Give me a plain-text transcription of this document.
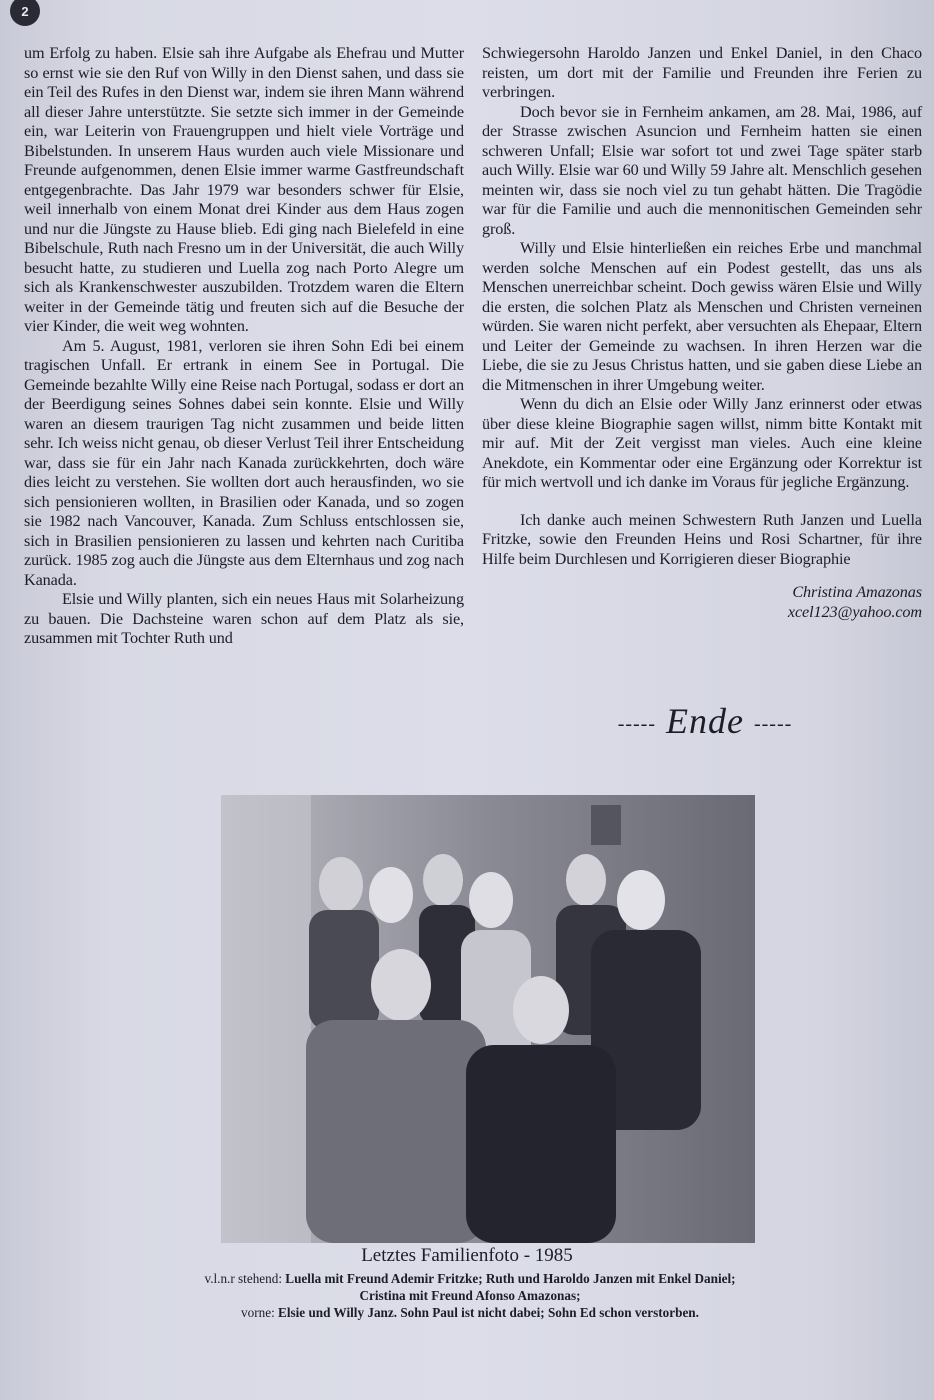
2

um Erfolg zu haben. Elsie sah ihre Aufgabe als Ehefrau und Mutter so ernst wie sie den Ruf von Willy in den Dienst sahen, und dass sie ein Teil des Rufes in den Dienst war, indem sie ihren Mann während all dieser Jahre unterstützte. Sie setzte sich immer in der Gemeinde ein, war Leiterin von Frauengruppen und hielt viele Vorträge und Bibelstunden. In unserem Haus wurden auch viele Missionare und Freunde aufgenommen, denen Elsie immer warme Gastfreundschaft entgegenbrachte. Das Jahr 1979 war besonders schwer für Elsie, weil innerhalb von einem Monat drei Kinder aus dem Haus zogen und nur die Jüngste zu Hause blieb. Edi ging nach Bielefeld in eine Bibelschule, Ruth nach Fresno um in der Universität, die auch Willy besucht hatte, zu studieren und Luella zog nach Porto Alegre um sich als Krankenschwester auszubilden. Trotzdem waren die Eltern weiter in der Gemeinde tätig und freuten sich auf die Besuche der vier Kinder, die weit weg wohnten.

Am 5. August, 1981, verloren sie ihren Sohn Edi bei einem tragischen Unfall. Er ertrank in einem See in Portugal. Die Gemeinde bezahlte Willy eine Reise nach Portugal, sodass er dort an der Beerdigung seines Sohnes dabei sein konnte. Elsie und Willy waren an diesem traurigen Tag nicht zusammen und beide litten sehr. Ich weiss nicht genau, ob dieser Verlust Teil ihrer Entscheidung war, dass sie für ein Jahr nach Kanada zurückkehrten, doch wäre dies leicht zu verstehen. Sie wollten dort auch herausfinden, wo sie sich pensionieren wollten, in Brasilien oder Kanada, und so zogen sie 1982 nach Vancouver, Kanada. Zum Schluss entschlossen sie, sich in Brasilien pensionieren zu lassen und kehrten nach Curitiba zurück. 1985 zog auch die Jüngste aus dem Elternhaus und zog nach Kanada.

Elsie und Willy planten, sich ein neues Haus mit Solarheizung zu bauen. Die Dachsteine waren schon auf dem Platz als sie, zusammen mit Tochter Ruth und

Schwiegersohn Haroldo Janzen und Enkel Daniel, in den Chaco reisten, um dort mit der Familie und Freunden ihre Ferien zu verbringen.

Doch bevor sie in Fernheim ankamen, am 28. Mai, 1986, auf der Strasse zwischen Asuncion und Fernheim hatten sie einen schweren Unfall; Elsie war sofort tot und zwei Tage später starb auch Willy. Elsie war 60 und Willy 59 Jahre alt. Menschlich gesehen meinten wir, dass sie noch viel zu tun gehabt hätten. Die Tragödie war für die Familie und auch die mennonitischen Gemeinden sehr groß.

Willy und Elsie hinterließen ein reiches Erbe und manchmal werden solche Menschen auf ein Podest gestellt, das uns als Menschen unerreichbar scheint. Doch gewiss wären Elsie und Willy die ersten, die solchen Platz als Menschen und Christen verneinen würden. Sie waren nicht perfekt, aber versuchten als Ehepaar, Eltern und Leiter der Gemeinde zu wachsen. In ihren Herzen war die Liebe, die sie zu Jesus Christus hatten, und sie gaben diese Liebe an die Mitmenschen in ihrer Umgebung weiter.

Wenn du dich an Elsie oder Willy Janz erinnerst oder etwas über diese kleine Biographie sagen willst, nimm bitte Kontakt mit mir auf. Mit der Zeit vergisst man vieles. Auch eine kleine Anekdote, ein Kommentar oder eine Ergänzung oder Korrektur ist für mich wertvoll und ich danke im Voraus für jegliche Ergänzung.

Ich danke auch meinen Schwestern Ruth Janzen und Luella Fritzke, sowie den Freunden Heins und Rosi Schartner, für ihre Hilfe beim Durchlesen und Korrigieren dieser Biographie

Christina Amazonas
xcel123@yahoo.com
----- Ende -----
Letztes Familienfoto - 1985
v.l.n.r stehend: Luella mit Freund Ademir Fritzke; Ruth und Haroldo Janzen mit Enkel Daniel; Cristina mit Freund Afonso Amazonas;
vorne: Elsie und Willy Janz. Sohn Paul ist nicht dabei; Sohn Ed schon verstorben.
